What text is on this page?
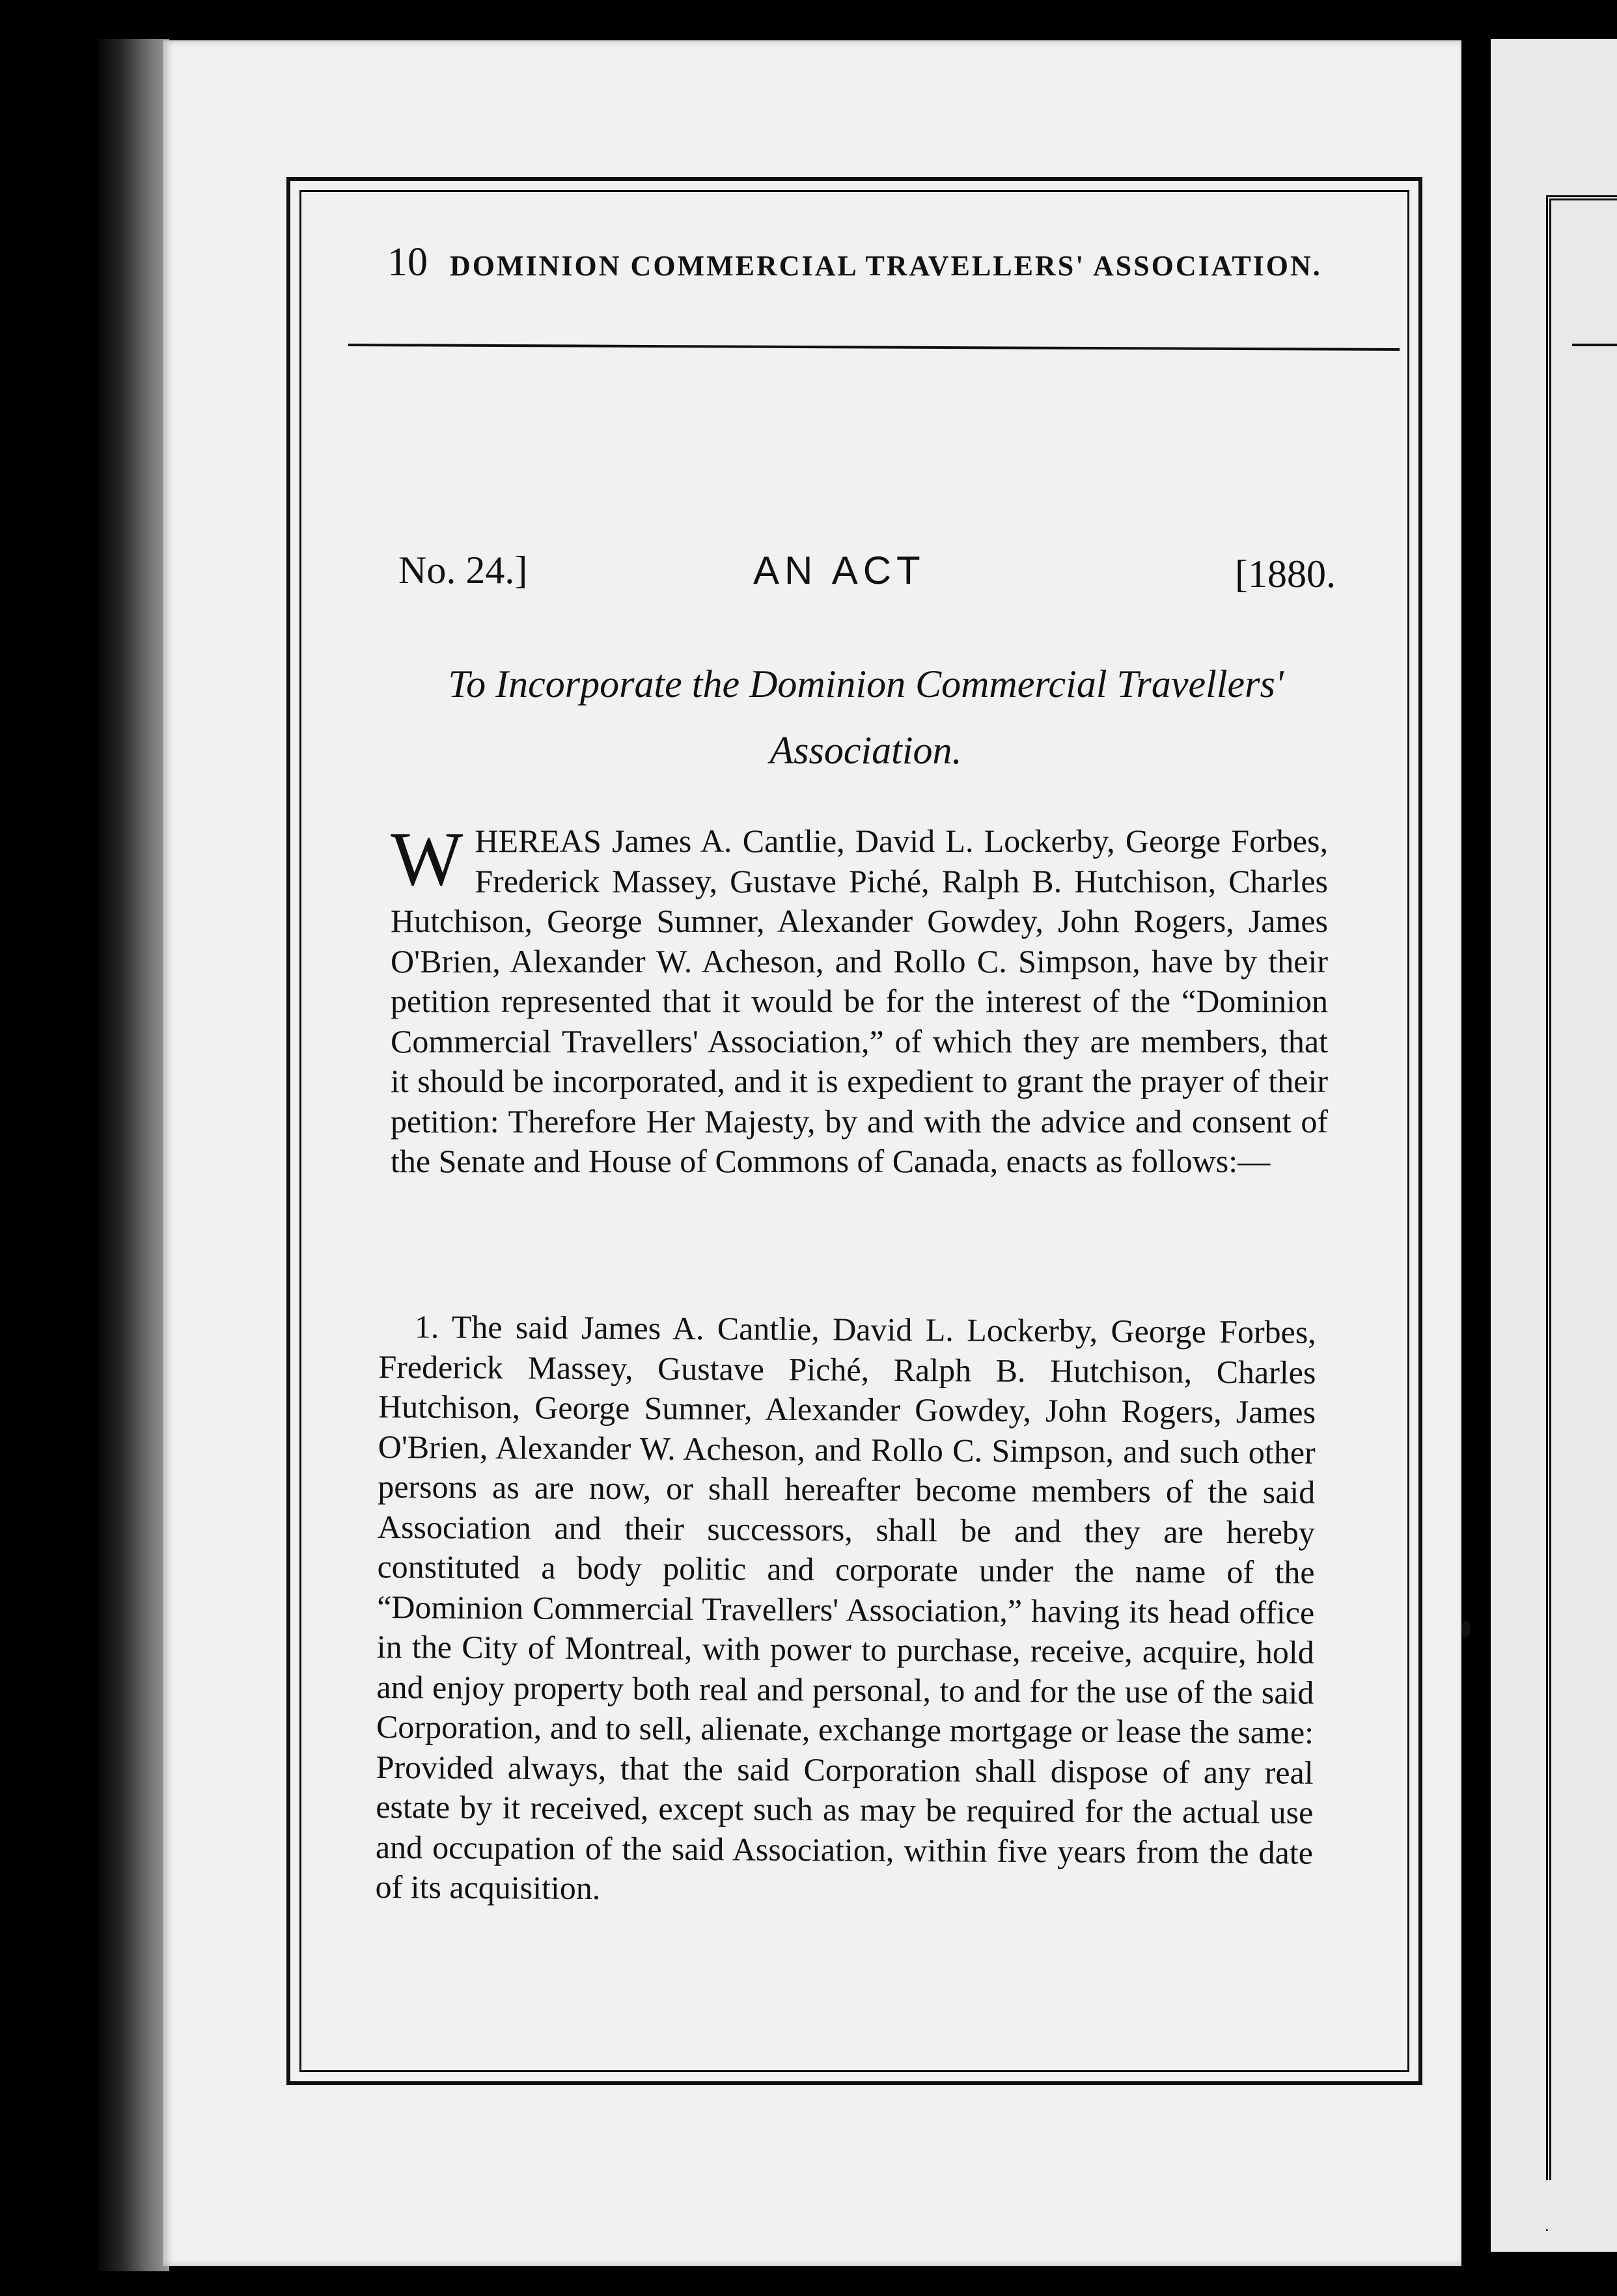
10 DOMINION COMMERCIAL TRAVELLERS' ASSOCIATION.
No. 24.]	AN ACT	[1880.
To Incorporate the Dominion Commercial Travellers' Association.
WHEREAS James A. Cantlie, David L. Lockerby, George Forbes, Frederick Massey, Gustave Piché, Ralph B. Hutchison, Charles Hutchison, George Sumner, Alexander Gowdey, John Rogers, James O'Brien, Alexander W. Acheson, and Rollo C. Simpson, have by their petition represented that it would be for the interest of the “Dominion Commercial Travellers' Association,” of which they are members, that it should be incorporated, and it is expedient to grant the prayer of their petition: Therefore Her Majesty, by and with the advice and consent of the Senate and House of Commons of Canada, enacts as follows:—
1. The said James A. Cantlie, David L. Lockerby, George Forbes, Frederick Massey, Gustave Piché, Ralph B. Hutchison, Charles Hutchison, George Sumner, Alexander Gowdey, John Rogers, James O'Brien, Alexander W. Acheson, and Rollo C. Simpson, and such other persons as are now, or shall hereafter become members of the said Association and their successors, shall be and they are hereby constituted a body politic and corporate under the name of the “Dominion Commercial Travellers' Association,” having its head office in the City of Montreal, with power to purchase, receive, acquire, hold and enjoy property both real and personal, to and for the use of the said Corporation, and to sell, alienate, exchange mortgage or lease the same: Provided always, that the said Corporation shall dispose of any real estate by it received, except such as may be required for the actual use and occupation of the said Association, within five years from the date of its acquisition.
